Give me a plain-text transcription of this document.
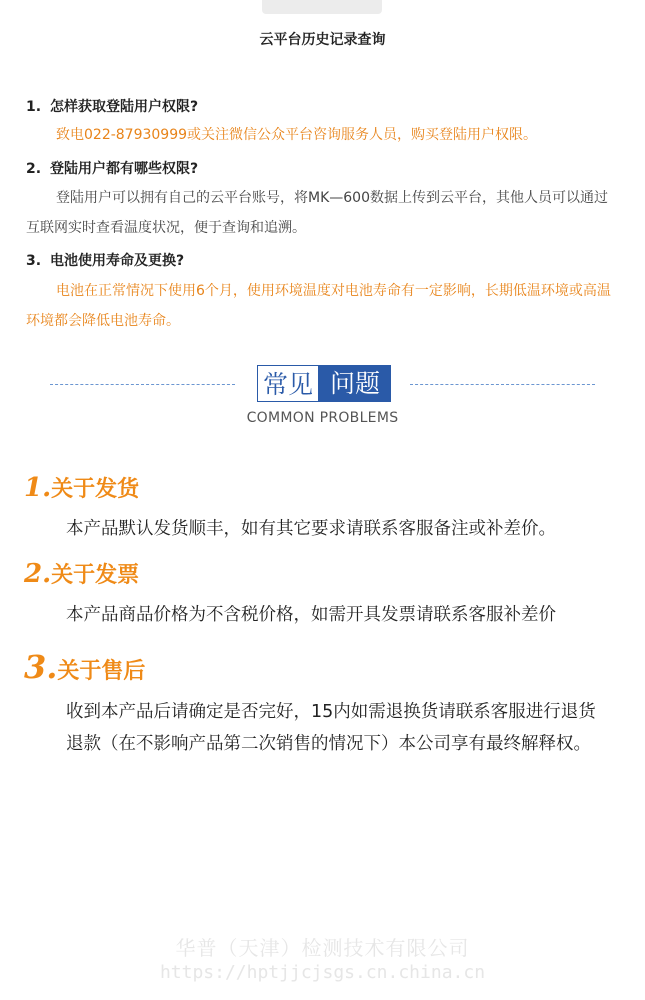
云平台历史记录查询
1. 怎样获取登陆用户权限?
致电022-87930999或关注微信公众平台咨询服务人员，购买登陆用户权限。
2. 登陆用户都有哪些权限?
登陆用户可以拥有自己的云平台账号，将MK—600数据上传到云平台，其他人员可以通过互联网实时查看温度状况，便于查询和追溯。
3. 电池使用寿命及更换?
电池在正常情况下使用6个月，使用环境温度对电池寿命有一定影响，长期低温环境或高温环境都会降低电池寿命。
常见 问题
COMMON PROBLEMS
1.关于发货
本产品默认发货顺丰，如有其它要求请联系客服备注或补差价。
2.关于发票
本产品商品价格为不含税价格，如需开具发票请联系客服补差价
3.关于售后
收到本产品后请确定是否完好，15内如需退换货请联系客服进行退货退款（在不影响产品第二次销售的情况下）本公司享有最终解释权。
华普（天津）检测技术有限公司
https://hptjjcjsgs.cn.china.cn
